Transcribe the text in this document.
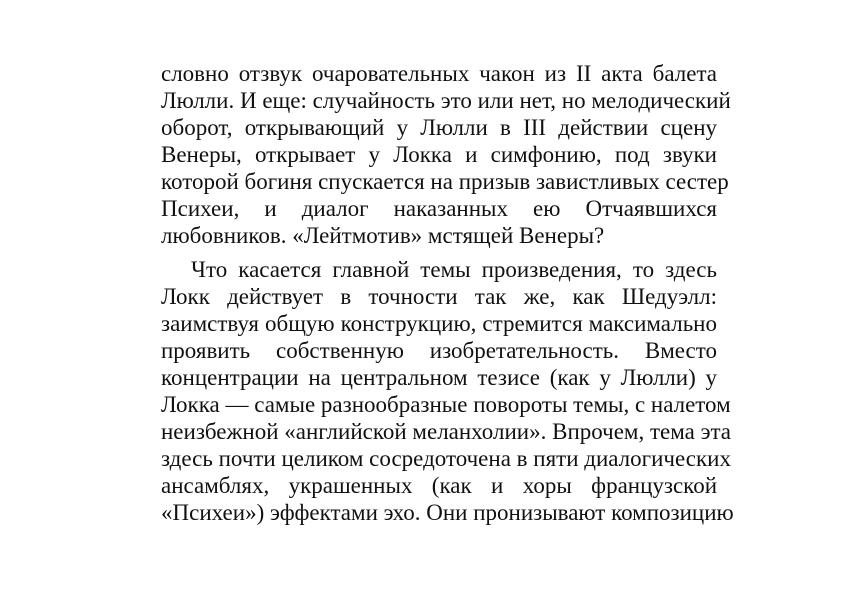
словно отзвук очаровательных чакон из II акта балета
Люлли. И еще: случайность это или нет, но мелодический
оборот, открывающий у Люлли в III действии сцену
Венеры, открывает у Локка и симфонию, под звуки
которой богиня спускается на призыв завистливых сестер
Психеи, и диалог наказанных ею Отчаявшихся
любовников. «Лейтмотив» мстящей Венеры?
Что касается главной темы произведения, то здесь
Локк действует в точности так же, как Шедуэлл:
заимствуя общую конструкцию, стремится максимально
проявить собственную изобретательность. Вместо
концентрации на центральном тезисе (как у Люлли) у
Локка — самые разнообразные повороты темы, с налетом
неизбежной «английской меланхолии». Впрочем, тема эта
здесь почти целиком сосредоточена в пяти диалогических
ансамблях, украшенных (как и хоры французской
«Психеи») эффектами эхо. Они пронизывают композицию
